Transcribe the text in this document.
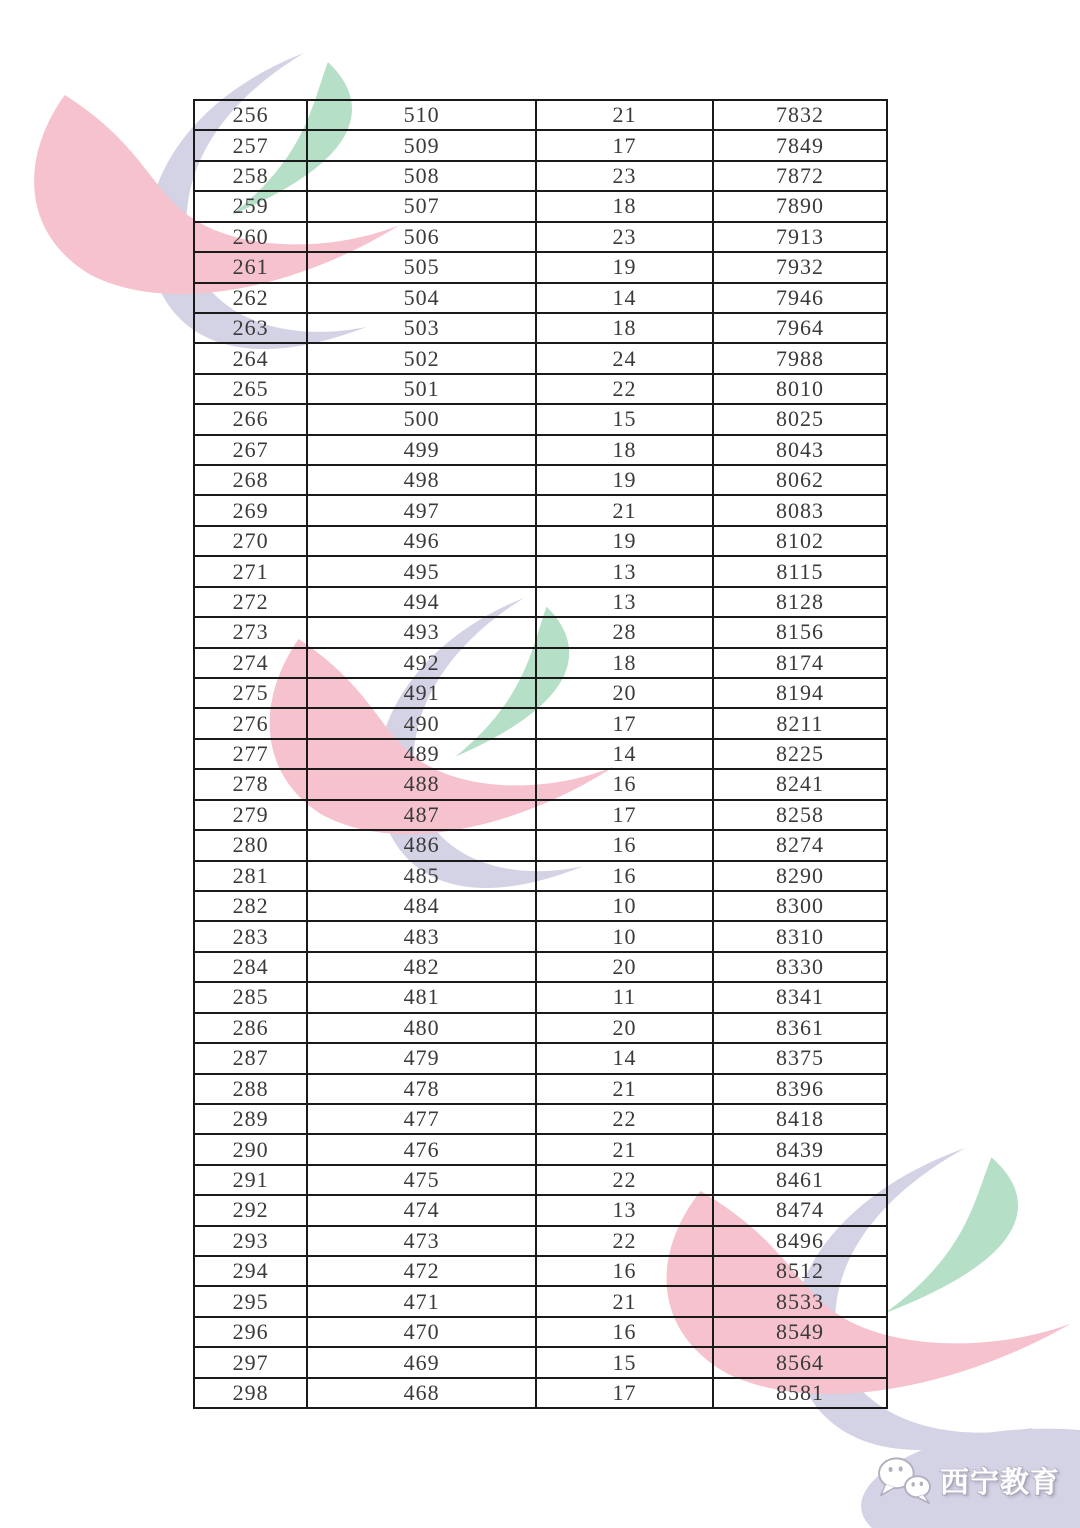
256	510	21	7832
257	509	17	7849
258	508	23	7872
259	507	18	7890
260	506	23	7913
261	505	19	7932
262	504	14	7946
263	503	18	7964
264	502	24	7988
265	501	22	8010
266	500	15	8025
267	499	18	8043
268	498	19	8062
269	497	21	8083
270	496	19	8102
271	495	13	8115
272	494	13	8128
273	493	28	8156
274	492	18	8174
275	491	20	8194
276	490	17	8211
277	489	14	8225
278	488	16	8241
279	487	17	8258
280	486	16	8274
281	485	16	8290
282	484	10	8300
283	483	10	8310
284	482	20	8330
285	481	11	8341
286	480	20	8361
287	479	14	8375
288	478	21	8396
289	477	22	8418
290	476	21	8439
291	475	22	8461
292	474	13	8474
293	473	22	8496
294	472	16	8512
295	471	21	8533
296	470	16	8549
297	469	15	8564
298	468	17	8581
西宁教育
